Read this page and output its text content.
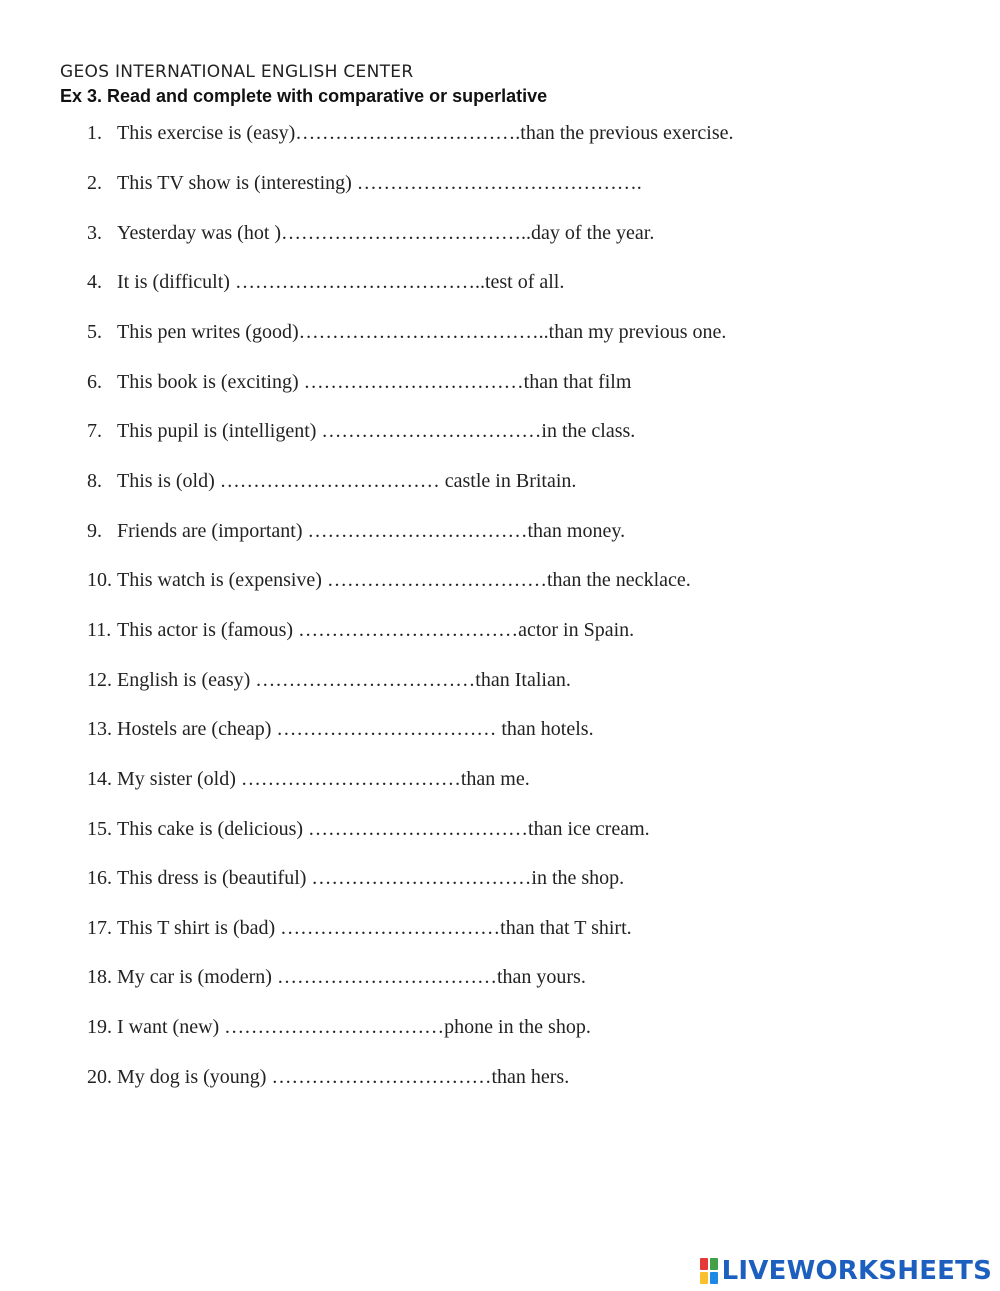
GEOS INTERNATIONAL ENGLISH CENTER
Ex 3. Read and complete with comparative or superlative
1. This exercise is (easy)…………………………….than the previous exercise.
2. This TV show is (interesting) …………………………………….
3. Yesterday was (hot )………………………………..day of the year.
4. It is (difficult) ………………………………..test of all.
5. This pen writes (good)………………………………..than my previous one.
6. This book is (exciting) ……………………………than that film
7. This pupil is (intelligent) ……………………………in the class.
8. This is (old) …………………………… castle in Britain.
9. Friends are (important) ……………………………than money.
10. This watch is (expensive) ……………………………than the necklace.
11. This actor is (famous) ……………………………actor in Spain.
12. English is (easy) ……………………………than Italian.
13. Hostels are (cheap) …………………………… than hotels.
14. My sister (old) ……………………………than me.
15. This cake is (delicious) ……………………………than ice cream.
16. This dress is (beautiful) ……………………………in the shop.
17. This T shirt is (bad) ……………………………than that T shirt.
18. My car is (modern) ……………………………than yours.
19. I want (new) ……………………………phone in the shop.
20. My dog is (young) ……………………………than hers.
LIVEWORKSHEETS
